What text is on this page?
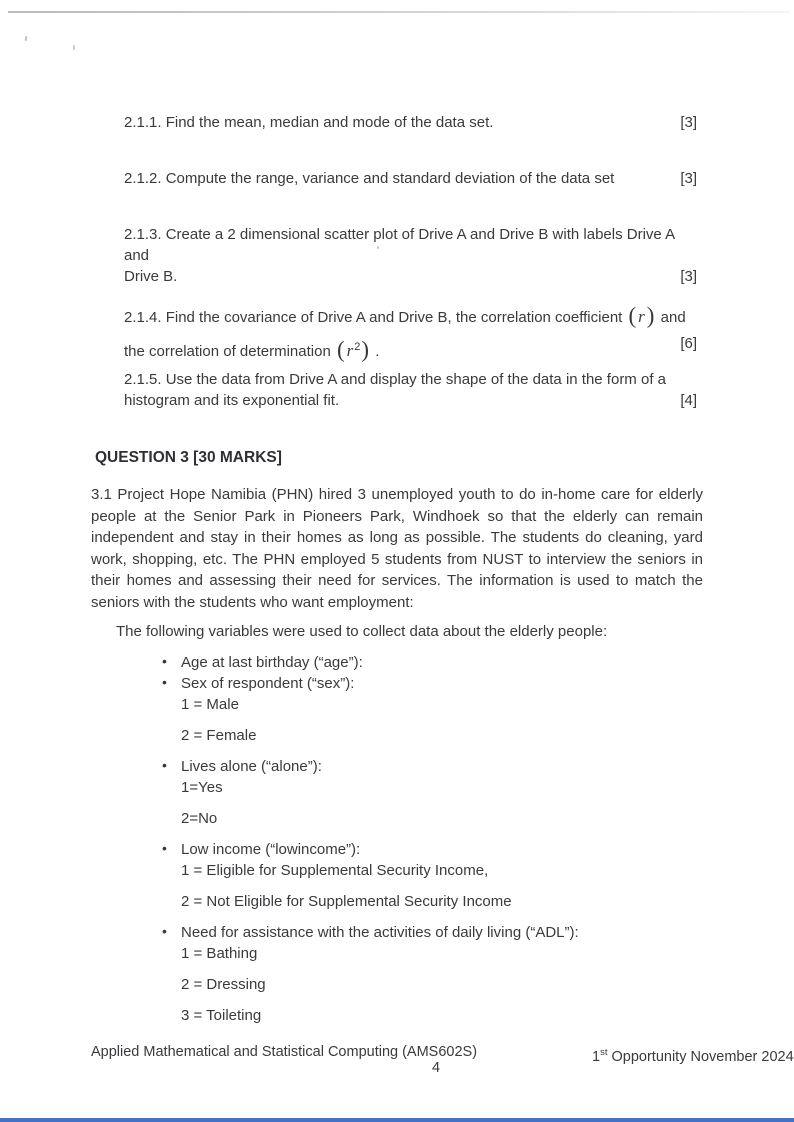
2.1.1. Find the mean, median and mode of the data set.	[3]
2.1.2. Compute the range, variance and standard deviation of the data set	[3]
2.1.3. Create a 2 dimensional scatter plot of Drive A and Drive B with labels Drive A and
Drive B.	[3]
2.1.4. Find the covariance of Drive A and Drive B, the correlation coefficient ( r) and
the correlation of determination ( $r^2$) .	[6]
2.1.5. Use the data from Drive A and display the shape of the data in the form of a
histogram and its exponential fit.	[4]
QUESTION 3 [30 MARKS]
3.1 Project Hope Namibia (PHN) hired 3 unemployed youth to do in-home care for elderly people at the Senior Park in Pioneers Park, Windhoek so that the elderly can remain independent and stay in their homes as long as possible. The students do cleaning, yard work, shopping, etc. The PHN employed 5 students from NUST to interview the seniors in their homes and assessing their need for services. The information is used to match the seniors with the students who want employment:
The following variables were used to collect data about the elderly people:
• Age at last birthday (“age”):
• Sex of respondent (“sex”):
1 = Male
2 = Female
• Lives alone (“alone”):
1=Yes
2=No
• Low income (“lowincome”):
1 = Eligible for Supplemental Security Income,
2 = Not Eligible for Supplemental Security Income
• Need for assistance with the activities of daily living (“ADL”):
1 = Bathing
2 = Dressing
3 = Toileting
Applied Mathematical and Statistical Computing (AMS602S)	1st Opportunity November 2024
4
